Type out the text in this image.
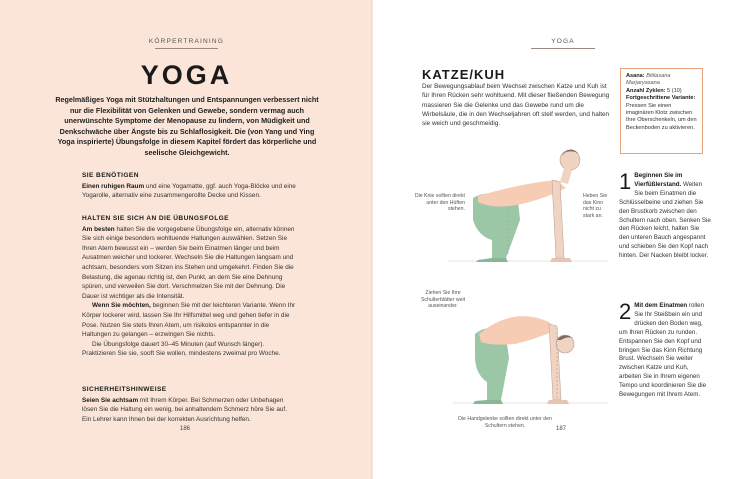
KÖRPERTRAINING
YOGA
Regelmäßiges Yoga mit Stützhaltungen und Entspannungen verbessert nicht nur die Flexibilität von Gelenken und Gewebe, sondern vermag auch unerwünschte Symptome der Menopause zu lindern, von Müdigkeit und Denkschwäche über Ängste bis zu Schlaflosigkeit. Die (von Yang und Ying Yoga inspirierte) Übungsfolge in diesem Kapitel fördert das körperliche und seelische Gleichgewicht.
SIE BENÖTIGEN

Einen ruhigen Raum und eine Yogamatte, ggf. auch Yoga-Blöcke und eine Yogarolle, alternativ eine zusammengerollte Decke und Kissen.

HALTEN SIE SICH AN DIE ÜBUNGSFOLGE

Am besten halten Sie die vorgegebene Übungsfolge ein, alternativ können Sie sich einige besonders wohltuende Haltungen auswählen. Setzen Sie Ihren Atem bewusst ein – werden Sie beim Einatmen länger und beim Ausatmen weicher und lockerer. Wechseln Sie die Haltungen langsam und achtsam, besonders vom Sitzen ins Stehen und umgekehrt. Finden Sie die Belastung, die agenau richtig ist, den Punkt, an dem Sie eine Dehnung spüren, und verweilen Sie dort. Verschmelzen Sie mit der Dehnung. Die Dauer ist wichtiger als die Intensität.

Wenn Sie möchten, beginnen Sie mit der leichteren Variante. Wenn Ihr Körper lockerer wird, lassen Sie Ihr Hilfsmittel weg und gehen tiefer in die Pose. Nutzen Sie stets Ihren Atem, um risikolos entspannter in die Haltungen zu gelangen – erzwingen Sie nichts.

Die Übungsfolge dauert 30–45 Minuten (auf Wunsch länger). Praktizieren Sie sie, sooft Sie wollen, mindestens zweimal pro Woche.

SICHERHEITSHINWEISE

Seien Sie achtsam mit Ihrem Körper. Bei Schmerzen oder Unbehagen lösen Sie die Haltung ein wenig, bei anhaltendem Schmerz höre Sie auf. Ein Lehrer kann Ihnen bei der korrekten Ausrichtung helfen.

186
YOGA
KATZE/KUH
Der Bewegungsablauf beim Wechsel zwischen Katze und Kuh ist für Ihren Rücken sehr wohltuend. Mit dieser fließenden Bewegung massieren Sie die Gelenke und das Gewebe rund um die Wirbelsäule, die in den Wechseljahren oft steif werden, und halten sie weich und geschmeidig.
Asana: Bitilasana Marjaryasana
Anzahl Zyklen: 5 (10)
Fortgeschrittene Variante:
Pressen Sie einen imaginären Klotz zwischen Ihre Oberschenkeln, um den Beckenboden zu aktivieren.
Die Knie sollten direkt unter den Hüften stehen.
Heben Sie das Kinn nicht zu stark an.
1 Beginnen Sie im Vierfüßlerstand. Weiten Sie beim Einatmen die Schlüsselbeine und ziehen Sie den Brustkorb zwischen den Schultern nach oben. Senken Sie den Rücken leicht, halten Sie den unteren Bauch angespannt und schieben Sie den Kopf nach hinten. Der Nacken bleibt locker.
Ziehen Sie Ihre Schulterblätter weit auseinander.
Die Handgelenke sollten direkt unter den Schultern stehen.
2 Mit dem Einatmen rollen Sie Ihr Steißbein ein und drücken den Boden weg, um Ihren Rücken zu runden. Entspannen Sie den Kopf und bringen Sie das Kinn Richtung Brust. Wechseln Sie weiter zwischen Katze und Kuh, arbeiten Sie in Ihrem eigenen Tempo und koordinieren Sie die Bewegungen mit Ihrem Atem.
187
